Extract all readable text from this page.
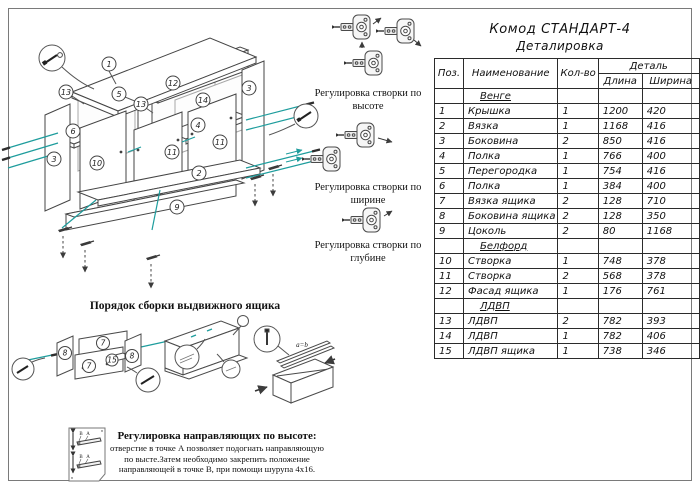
1
13	5
13
12
14
3
6
4
11
11
3	10
2
9
Регулировка створки по высоте
Регулировка створки по ширине
Регулировка створки по глубине
Комод СТАНДАРТ-4
Деталировка
Поз.	Наименование	Кол-во	Деталь	
			Длина	Ширина
	Венге			
1	Крышка	1	1200	420
2	Вязка	1	1168	416
3	Боковина	2	850	416
4	Полка	1	766	400
5	Перегородка	1	754	416
6	Полка	1	384	400
7	Вязка ящика	2	128	710
8	Боковина ящика	2	128	350
9	Цоколь	2	80	1168
	Белфорд			
10	Створка	1	748	378
11	Створка	2	568	378
12	Фасад ящика	1	176	761
	ЛДВП			
13	ЛДВП	2	782	393
14	ЛДВП	1	782	406
15	ЛДВП ящика	1	738	346
Порядок сборки выдвижного ящика
8
7
7
15 8
a=b
В А
В А
Регулировка направляющих по высоте:
отверстие в точке А позволяет подогнать направляющую
по высте.Затем необходимо закрепить положение
направляющей в точке В, при помощи шурупа 4х16.
